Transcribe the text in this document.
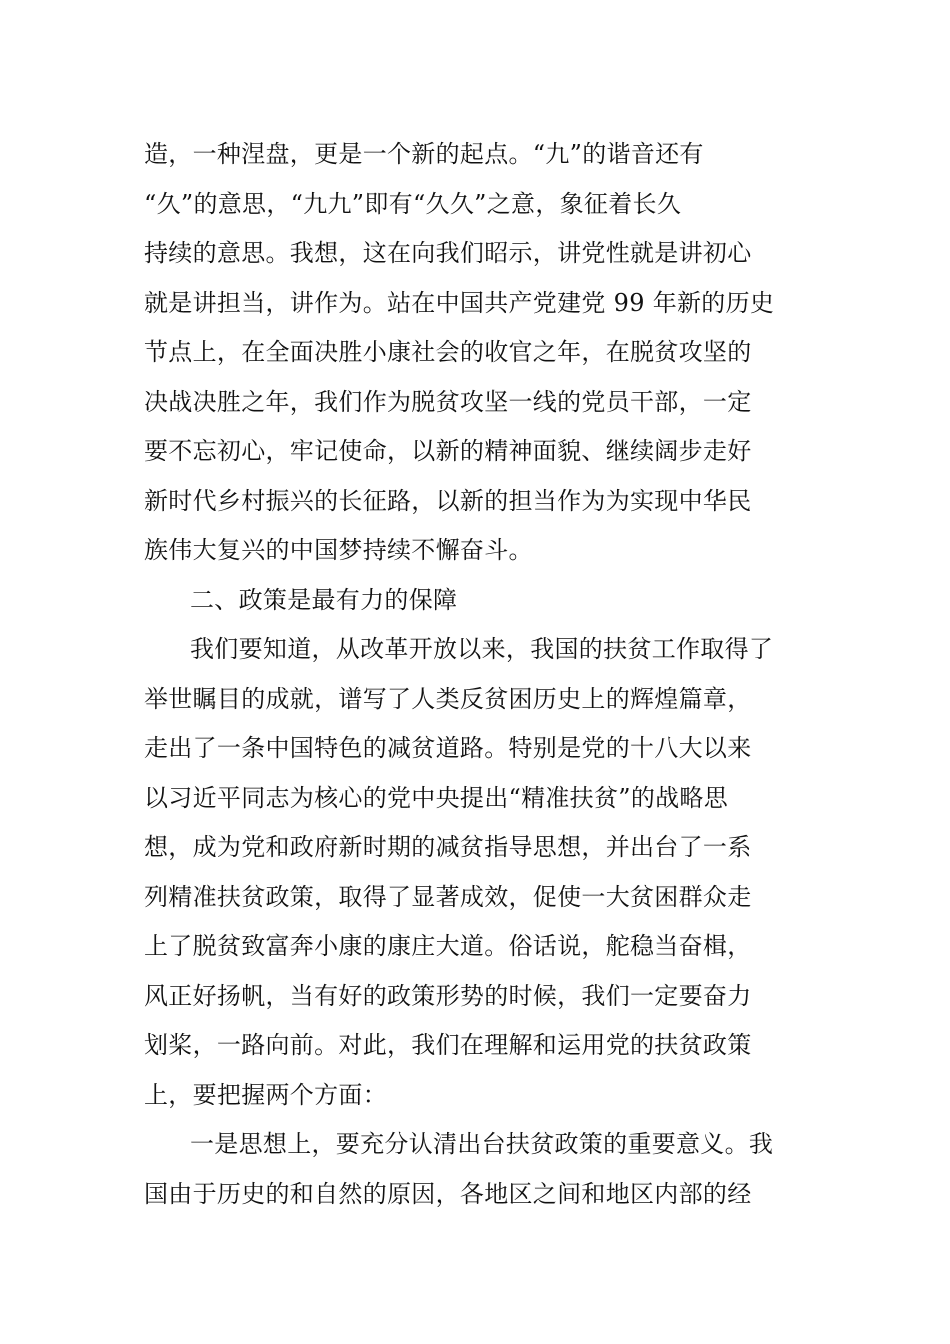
造，一种涅盘，更是一个新的起点。“九”的谐音还有
“久”的意思，“九九”即有“久久”之意，象征着长久
持续的意思。我想，这在向我们昭示，讲党性就是讲初心
就是讲担当，讲作为。站在中国共产党建党 99 年新的历史
节点上，在全面决胜小康社会的收官之年，在脱贫攻坚的
决战决胜之年，我们作为脱贫攻坚一线的党员干部，一定
要不忘初心，牢记使命，以新的精神面貌、继续阔步走好
新时代乡村振兴的长征路，以新的担当作为为实现中华民
族伟大复兴的中国梦持续不懈奋斗。
二、政策是最有力的保障
我们要知道，从改革开放以来，我国的扶贫工作取得了
举世瞩目的成就，谱写了人类反贫困历史上的辉煌篇章，
走出了一条中国特色的减贫道路。特别是党的十八大以来
以习近平同志为核心的党中央提出“精准扶贫”的战略思
想，成为党和政府新时期的减贫指导思想，并出台了一系
列精准扶贫政策，取得了显著成效，促使一大贫困群众走
上了脱贫致富奔小康的康庄大道。俗话说，舵稳当奋楫，
风正好扬帆，当有好的政策形势的时候，我们一定要奋力
划桨，一路向前。对此，我们在理解和运用党的扶贫政策
上，要把握两个方面：
一是思想上，要充分认清出台扶贫政策的重要意义。我
国由于历史的和自然的原因，各地区之间和地区内部的经
